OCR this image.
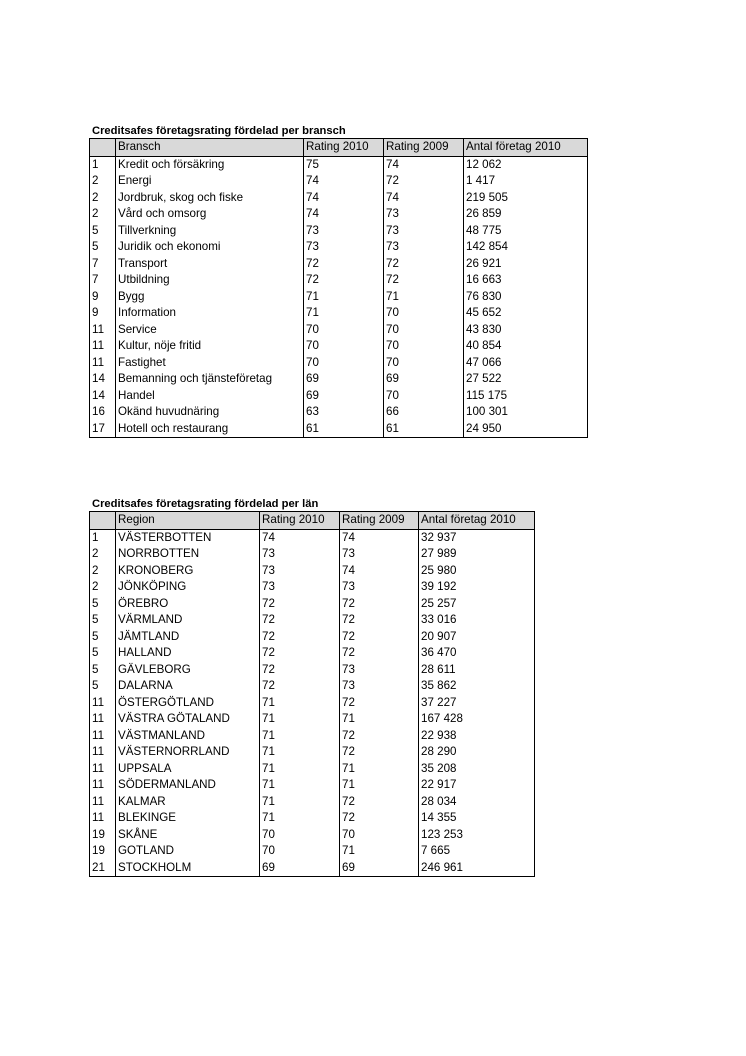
Creditsafes företagsrating fördelad per bransch
	Bransch	Rating 2010	Rating 2009	Antal företag 2010
1	Kredit och försäkring	75	74	12 062
2	Energi	74	72	1 417
2	Jordbruk, skog och fiske	74	74	219 505
2	Vård och omsorg	74	73	26 859
5	Tillverkning	73	73	48 775
5	Juridik och ekonomi	73	73	142 854
7	Transport	72	72	26 921
7	Utbildning	72	72	16 663
9	Bygg	71	71	76 830
9	Information	71	70	45 652
11	Service	70	70	43 830
11	Kultur, nöje fritid	70	70	40 854
11	Fastighet	70	70	47 066
14	Bemanning och tjänsteföretag	69	69	27 522
14	Handel	69	70	115 175
16	Okänd huvudnäring	63	66	100 301
17	Hotell och restaurang	61	61	24 950
Creditsafes företagsrating fördelad per län
	Region	Rating 2010	Rating 2009	Antal företag 2010
1	VÄSTERBOTTEN	74	74	32 937
2	NORRBOTTEN	73	73	27 989
2	KRONOBERG	73	74	25 980
2	JÖNKÖPING	73	73	39 192
5	ÖREBRO	72	72	25 257
5	VÄRMLAND	72	72	33 016
5	JÄMTLAND	72	72	20 907
5	HALLAND	72	72	36 470
5	GÄVLEBORG	72	73	28 611
5	DALARNA	72	73	35 862
11	ÖSTERGÖTLAND	71	72	37 227
11	VÄSTRA GÖTALAND	71	71	167 428
11	VÄSTMANLAND	71	72	22 938
11	VÄSTERNORRLAND	71	72	28 290
11	UPPSALA	71	71	35 208
11	SÖDERMANLAND	71	71	22 917
11	KALMAR	71	72	28 034
11	BLEKINGE	71	72	14 355
19	SKÅNE	70	70	123 253
19	GOTLAND	70	71	7 665
21	STOCKHOLM	69	69	246 961
